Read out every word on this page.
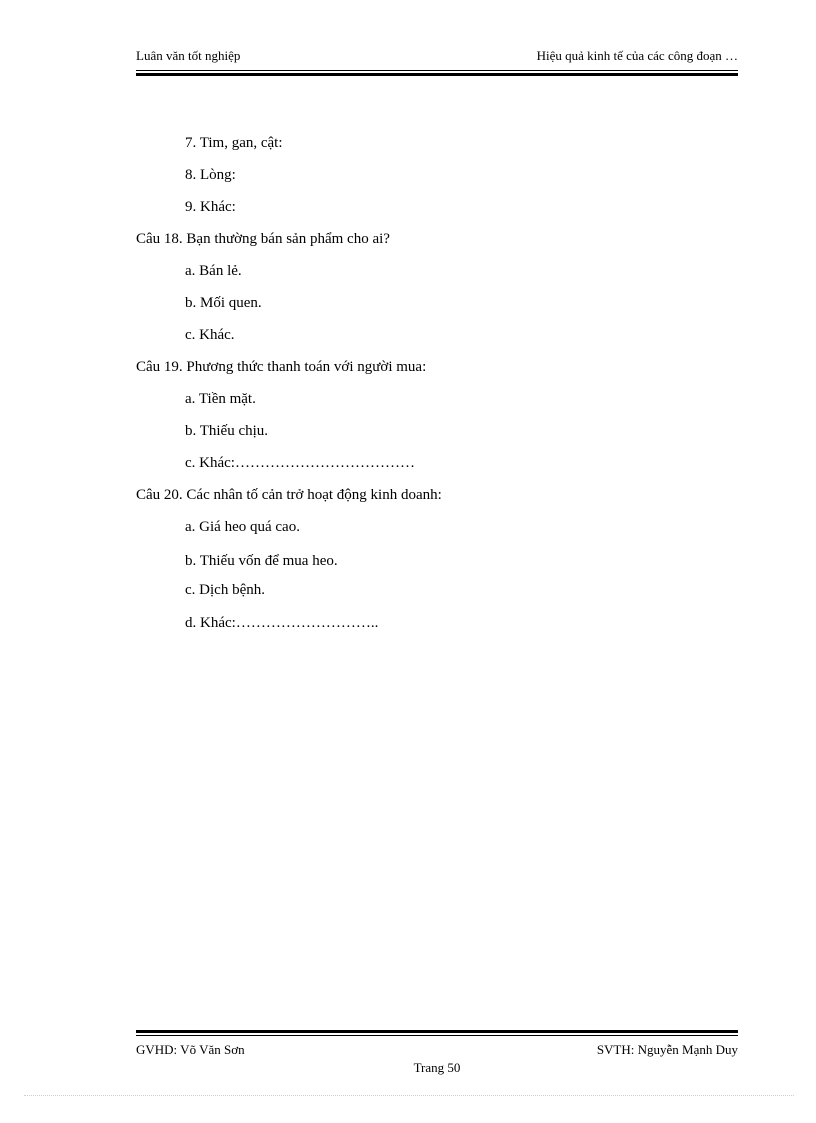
Luân văn tốt nghiệp	Hiệu quả kinh tế của các công đoạn …
7. Tim, gan, cật:
8. Lòng:
9. Khác:
Câu 18. Bạn thường bán sản phẩm cho ai?
a. Bán lẻ.
b. Mối quen.
c. Khác.
Câu 19. Phương thức thanh toán với người mua:
a. Tiền mặt.
b. Thiếu chịu.
c. Khác:………………………………
Câu 20. Các nhân tố cản trở hoạt động kinh doanh:
a. Giá heo quá cao.
b. Thiếu vốn để mua heo.
c. Dịch bệnh.
d. Khác:………………………..
GVHD: Võ Văn Sơn	SVTH: Nguyễn Mạnh Duy
Trang 50
